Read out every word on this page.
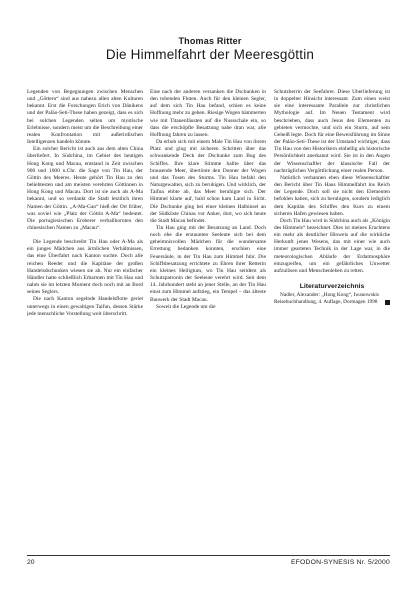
Thomas Ritter
Die Himmelfahrt der Meeresgöttin

Legenden von Begegnungen zwischen Menschen und „Göttern“ sind aus nahezu allen alten Kulturen bekannt. Erst die Forschungen Erich von Dänikens und der Paläo-Seti-These haben gezeigt, dass es sich bei solchen Legenden selten um mystische Erlebnisse, sondern meist um die Beschreibung einer realen Konfrontation mit außerirdischen Intelligenzen handeln könnte.

Ein solcher Bericht ist auch aus dem alten China überliefert. In Südchina, im Gebiet des heutigen Hong Kong und Macau, entstand in Zeit zwischen 900 und 1000 n.Chr. die Sage von Tin Hau, der Göttin des Meeres. Heute gehört Tin Hau zu den beliebtesten und am meisten verehrten Göttinnen in Hong Kong und Macau. Dort ist sie auch als A-Ma bekannt, und so verdankt die Stadt letztlich ihren Namen der Göttin. „A-Ma-Gao“ hieß der Ort früher, was soviel wie „Platz der Göttin A-Ma“ bedeutet. Die portugiesischen Eroberer verballhornten den chinesischen Namen zu „Macau“.

Die Legende beschreibt Tin Hau oder A-Ma als ein junges Mädchen aus ärmlichen Verhältnissen, das eine Überfahrt nach Kanton suchte. Doch alle reichen Reeder und die Kapitäne der großen Handelsdschunken wiesen sie ab. Nur ein einfacher Händler hatte schließlich Erbarmen mit Tin Hau und nahm sie im letzten Moment doch noch mit an Bord seines Seglers.

Die nach Kanton segelnde Handelsflotte geriet unterwegs in einen gewaltigen Taifun, dessen Stärke jede menschliche Vorstellung weit überschritt.

Eine nach der anderen versanken die Dschunken in den tobenden Fluten. Auch für den kleinen Segler, auf dem sich Tin Hau befand, schien es keine Hoffnung mehr zu geben. Riesige Wogen hämmerten wie mit Titanenfäusten auf die Nussschale ein, so dass die erschöpfte Besatzung nahe dran war, alle Hoffnung fahren zu lassen.

Da erhob sich mit einem Male Tin Hau von ihrem Platz und ging mit sicheren Schritten über das schwankende Deck der Dschunke zum Bug des Schiffes. Ihre klare Stimme hallte über das brausende Meer, übertönte den Donner der Wogen und das Tosen des Sturms. Tin Hau befahl den Naturgewalten, sich zu beruhigen. Und wirklich, der Taifun ebbte ab, das Meer beruhigte sich. Der Himmel klarte auf, bald schon kam Land in Sicht. Die Dschunke ging bei einer kleinen Halbinsel an der Südküste Chinas vor Anker, dort, wo sich heute die Stadt Macau befindet.

Tin Hau ging mit der Besatzung an Land. Doch noch ehe die erstaunten Seeleute sich bei dem geheimnisvollen Mädchen für die wundersame Errettung bedanken konnten, erschien eine Feuersäule, in der Tin Hau zum Himmel fuhr. Die Schiffsbesatzung errichtete zu Ehren ihrer Retterin ein kleines Heiligtum, wo Tin Hau seitdem als Schutzpatronin der Seeleute verehrt wird. Seit dem 14. Jahrhundert steht an jener Stelle, an der Tin Hau einst zum Himmel aufstieg, ein Tempel – das älteste Bauwerk der Stadt Macau.

Soweit die Legende um die

Schutzherrin der Seefahrer. Diese Überlieferung ist in doppelter Hinsicht interessant. Zum einen weist sie eine interessante Parallele zur christlichen Mythologie auf. Im Neuen Testament wird beschrieben, dass auch Jesus den Elementen zu gebieten vermochte, und sich ein Sturm, auf sein Geheiß legte. Doch für eine Beweisführung im Sinne der Paläo-Seti-These ist der Umstand wichtiger, dass Tin Hau von den Historikern einhellig als historische Persönlichkeit anerkannt wird. Sie ist in den Augen der Wissenschaftler der klassische Fall der nachträglichen Vergöttlichung einer realen Person.

Natürlich verbannen eben diese Wissenschaftler den Bericht über Tin Haus Himmelfahrt ins Reich der Legende. Doch soll sie nicht den Elementen befohlen haben, sich zu beruhigen, sondern lediglich dem Kapitän des Schiffes den Kurs zu einem sicheren Hafen gewiesen haben.

Doch Tin Hau wird in Südchina auch als „Königin des Himmels“ bezeichnet. Dies ist meines Erachtens ein mehr als deutlicher Hinweis auf die wirkliche Herkunft jenes Wesens, das mit einer wie auch immer gearteten Technik in der Lage war, in die meteorologischen Abläufe der Erdatmosphäre einzugreifen, um ein gefährliches Unwetter aufzulösen und Menschenleben zu retten.

Literaturverzeichnis

Nadler, Alexander: „Hong Kong“, Iwanowskis Reisebuchhandlung, 4. Auflage, Dormagen 1998

20	EFODON-SYNESIS Nr. 5/2000
